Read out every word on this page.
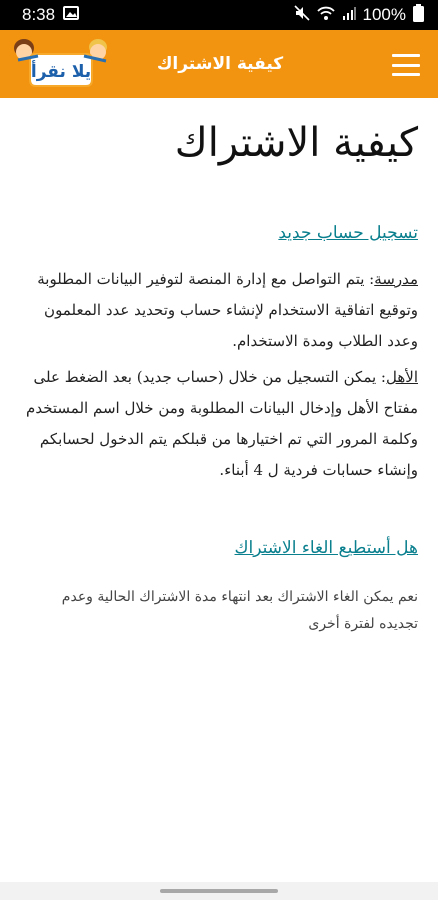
8:38	100%
يلا نقرأ	كيفية الاشتراك
كيفية الاشتراك
تسجيل حساب جديد

مدرسة: يتم التواصل مع إدارة المنصة لتوفير البيانات المطلوبة وتوقيع اتفاقية الاستخدام لإنشاء حساب وتحديد عدد المعلمون وعدد الطلاب ومدة الاستخدام.

الأهل: يمكن التسجيل من خلال (حساب جديد) بعد الضغط على مفتاح الأهل وإدخال البيانات المطلوبة ومن خلال اسم المستخدم وكلمة المرور التي تم اختيارها من قبلكم يتم الدخول لحسابكم وإنشاء حسابات فردية ل 4 أبناء.

هل أستطيع الغاء الاشتراك

نعم يمكن الغاء الاشتراك بعد انتهاء مدة الاشتراك الحالية وعدم تجديده لفترة أخرى
